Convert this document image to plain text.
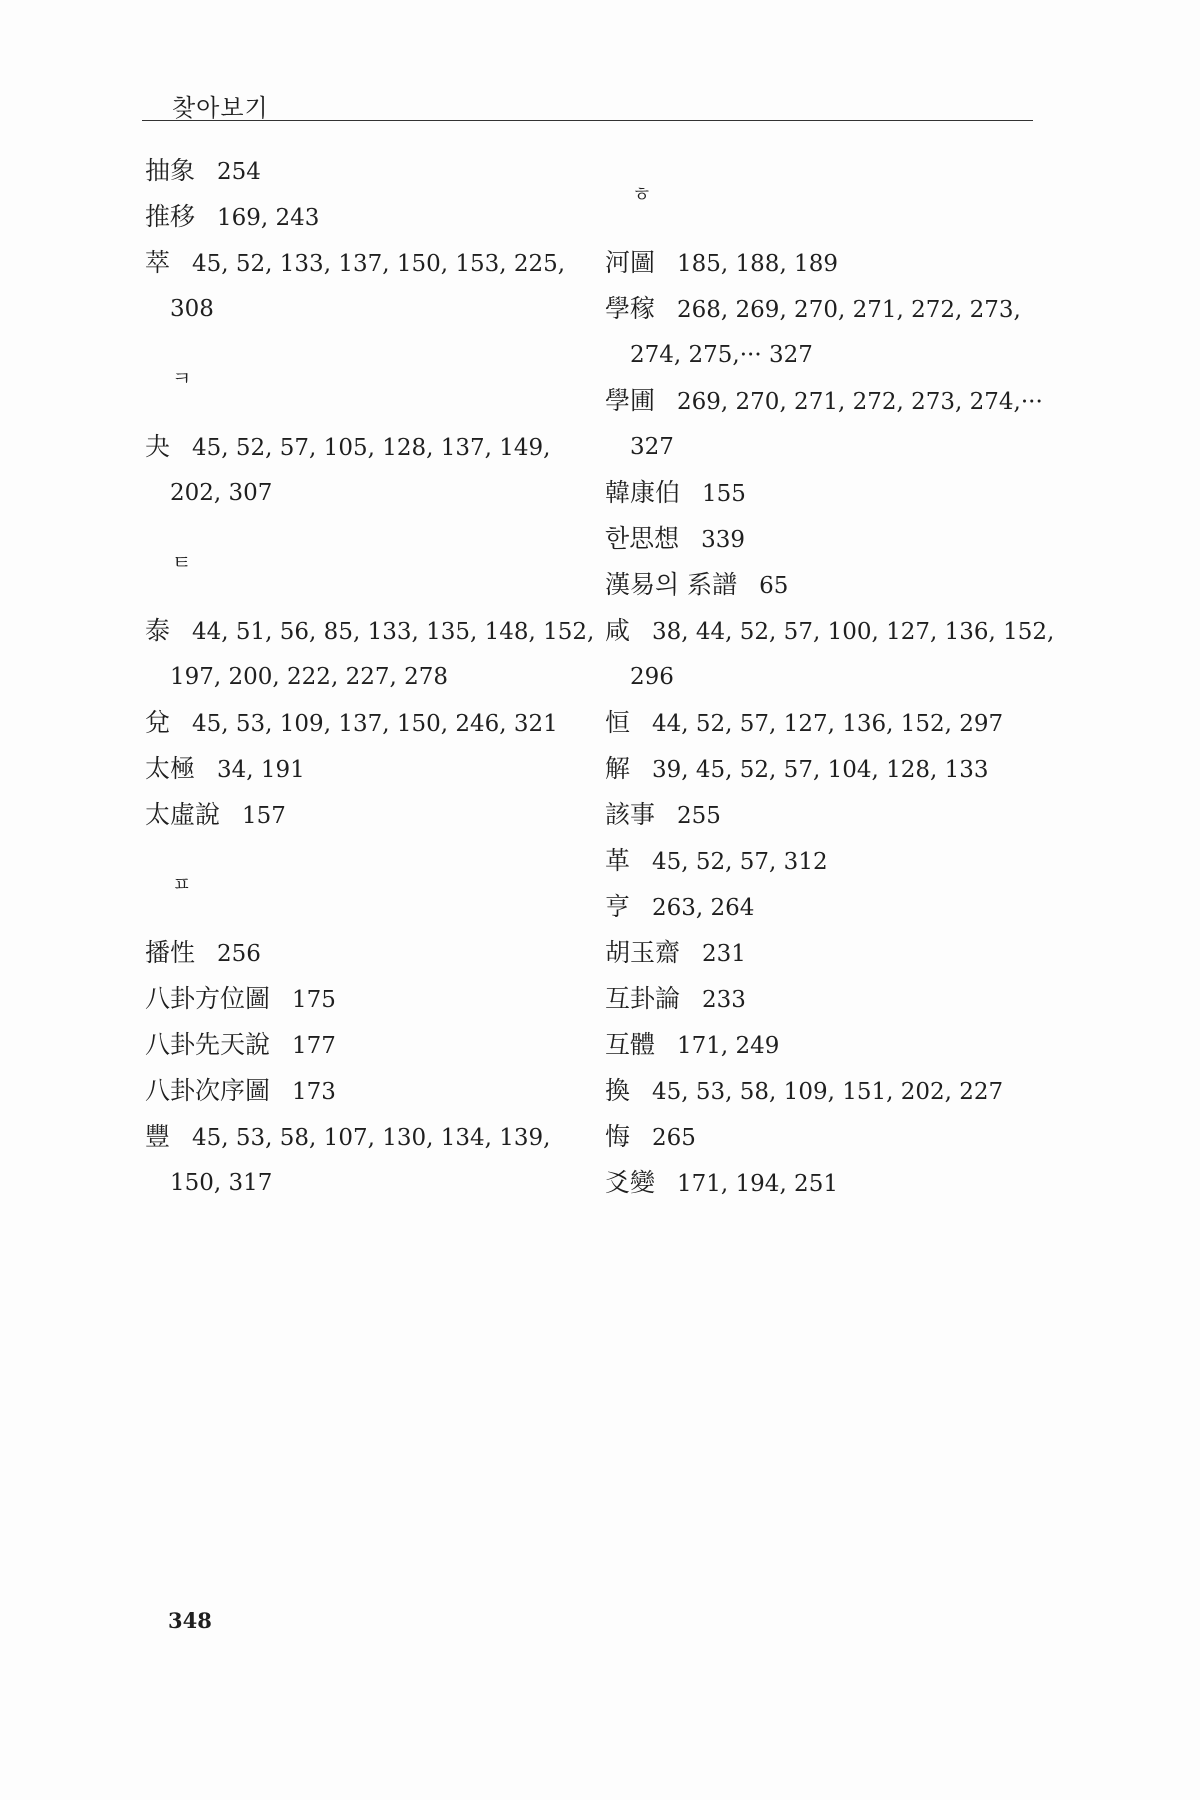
찾아보기
抽象 254
推移 169, 243
萃 45, 52, 133, 137, 150, 153, 225,
308
ㅋ
夬 45, 52, 57, 105, 128, 137, 149,
202, 307
ㅌ
泰 44, 51, 56, 85, 133, 135, 148, 152,
197, 200, 222, 227, 278
兌 45, 53, 109, 137, 150, 246, 321
太極 34, 191
太虛說 157
ㅍ
播性 256
八卦方位圖 175
八卦先天說 177
八卦次序圖 173
豐 45, 53, 58, 107, 130, 134, 139,
150, 317
ㅎ
河圖 185, 188, 189
學稼 268, 269, 270, 271, 272, 273,
274, 275,··· 327
學圃 269, 270, 271, 272, 273, 274,···
327
韓康伯 155
한思想 339
漢易의 系譜 65
咸 38, 44, 52, 57, 100, 127, 136, 152,
296
恒 44, 52, 57, 127, 136, 152, 297
解 39, 45, 52, 57, 104, 128, 133
該事 255
革 45, 52, 57, 312
亨 263, 264
胡玉齋 231
互卦論 233
互體 171, 249
換 45, 53, 58, 109, 151, 202, 227
悔 265
爻變 171, 194, 251
348
